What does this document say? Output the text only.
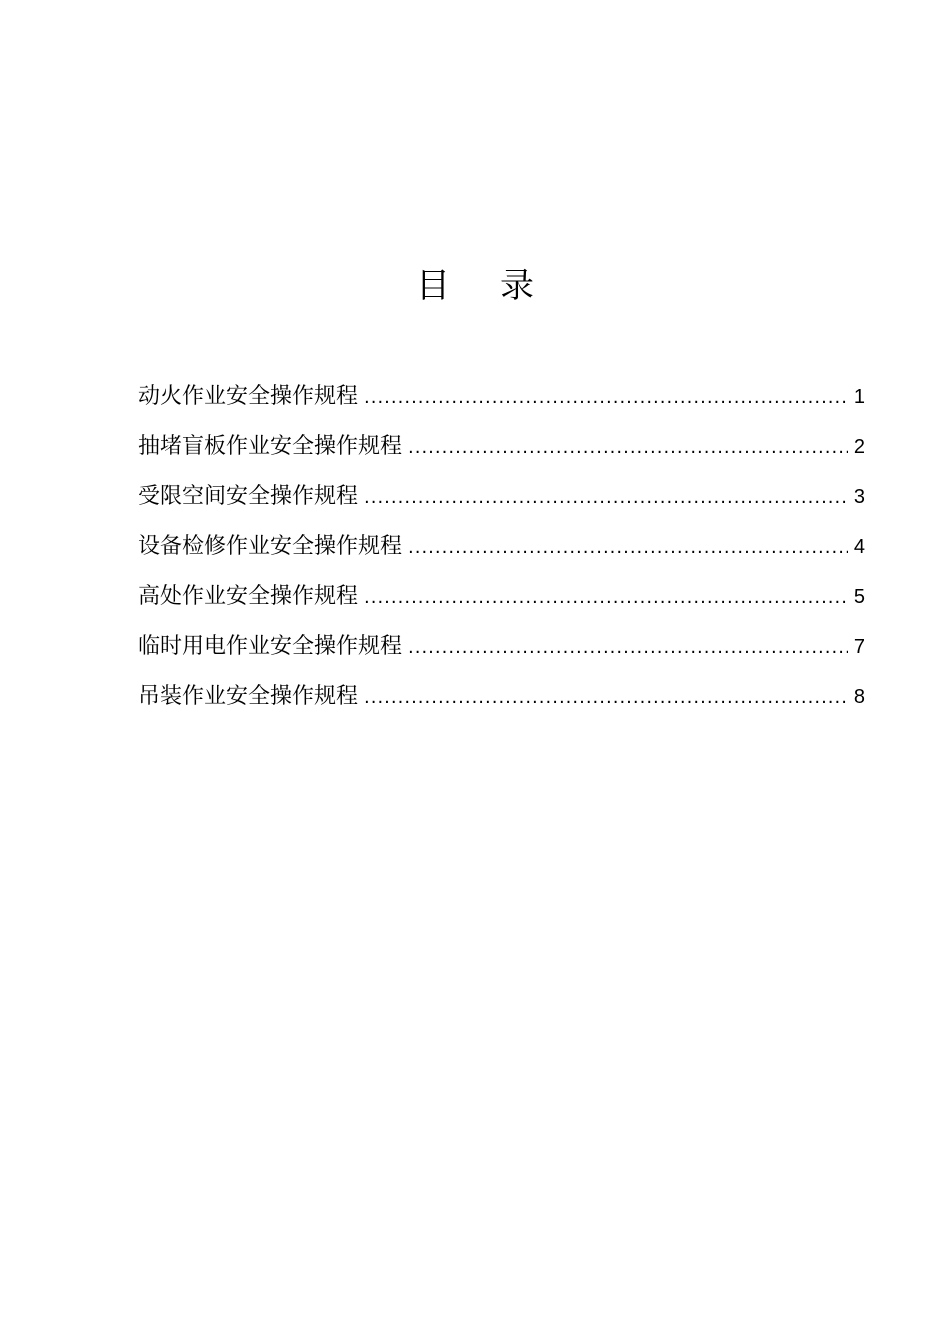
目 录
动火作业安全操作规程 .....	1
抽堵盲板作业安全操作规程 .....	2
受限空间安全操作规程 .....	3
设备检修作业安全操作规程 .....	4
高处作业安全操作规程 .....	5
临时用电作业安全操作规程 .....	7
吊装作业安全操作规程 .....	8
